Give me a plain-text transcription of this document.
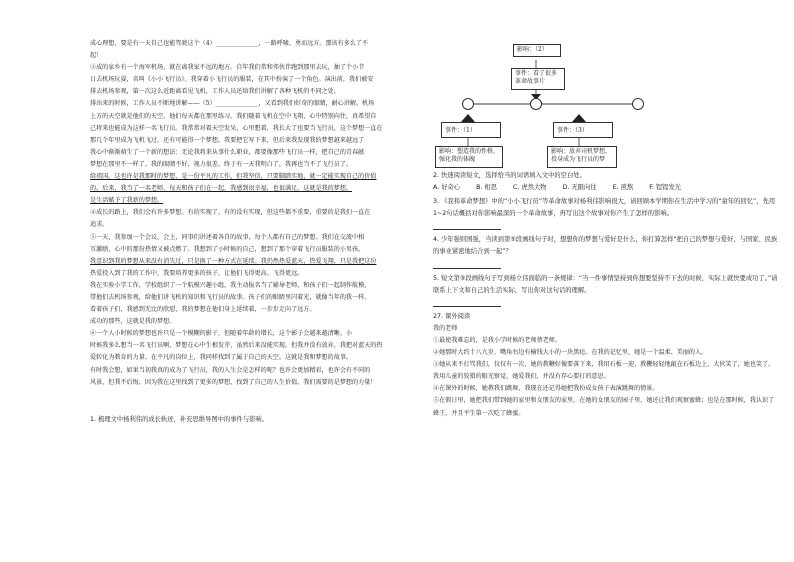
成心理想，要是有一天自己也能驾驶这个（4）______________，一路呼啸，勇而远方。那该有多么了不

起！

③成的家乡有一个海军机场，就在离我家不远的地方。自年我们常和邻伙伴跑到那里去玩，抽了个小节

日去机场玩耍，名叫《小小飞行员》。我穿着小飞行员的服装，在其中扮演了一个角色。演出前，我们被安

排去机场参观，第一次这么近距离看见飞机，工作人员还给我们讲解了各种飞机的不同之处。

排出来的时候，工作人员不断地讲解——（5）______________，又看到我们好奇的眼睛，耐心讲解。机场

上方的天空就是他们的天空，他们每天都在那里练习。我们随着飞机在空中飞翔，心中特别向往，真希望自

己将来也能成为这样一名飞行员。我常常对着天空发呆，心里想着，我长大了也要当飞行员，这个梦想一直在

那几个年里成为飞机飞过，还有可能得一个梦想，我要把它写下来，但后来我发现我的梦想越来越远了

我心中渐渐萌生了一个新的想法：无论我将来从事什么职业，都要像那些飞行员一样，把自己的青春献

梦想在那里不一样了。我的眼睛不好，视力很差，终于有一天我明白了，我再也当不了飞行员了。

给祖国。这也许是我那时的梦想，是一份平凡的工作，但我坚信，只要脚踏实地，就一定能实现自己的价值

的。后来，我当了一名老师，每天和孩子们在一起，我感到很幸福，也很满足。这就是我的梦想。

是生活赋予了我新的梦想。

④成长的路上，我们会有许多梦想。有的实现了，有的没有实现，但这些都不重要，重要的是我们一直在

追求。

⑤一天，我参加一个会议，会上，同事们讲述着各自的故事，每个人都有自己的梦想。我们在交流中相

互激励，心中的那份热情又被点燃了。我想到了小时候的自己，想到了那个穿着飞行员服装的小男孩。

我意识到我的梦想从来没有消失过，只是换了一种方式在延续。我仍然热爱蓝天，热爱飞翔，只是我把这份

热爱投入到了我的工作中，我要培养更多的孩子，让他们飞得更高、飞得更远。

我在实验小学工作，学校组织了一个航模兴趣小组，我主动报名当了辅导老师，和孩子们一起制作航模，

带他们去机场参观，给他们讲飞机的知识和飞行员的故事。孩子们的眼睛里闪着光，就像当年的我一样。

看着孩子们，我感到无比的欣慰，我的梦想在他们身上延续着，一步步走向了远方。

成功的那些，这就是我的梦想。

⑥一个人小时候的梦想也许只是一个模糊的影子，但随着年龄的增长，这个影子会越来越清晰。小

时候我多么想当一名飞行员啊，梦想在心中生根发芽，虽然后来没能实现，但我并没有放弃，我把对蓝天的热

爱转化为教育的力量。在平凡的岗位上，我同样找到了属于自己的天空。这就是我和梦想的故事。

有时我会想，如果当初我真的成为了飞行员，我的人生会是怎样的呢？也许会更加精彩，也许会有不同的

风景，但我不后悔，因为我在这里找到了更多的梦想，找到了自己的人生价值，我们需要的是梦想的力量！

1. 梳理文中杨利伟的成长轨迹，补充思维导图中的事件与影响。
影响：（2）
事件：看了很多革命故事片
事件：（1）	事件：（3）
影响：塑造我的性格，强化我的体魄
影响：放弃司机梦想，投身成为飞行员的梦
2. 快速阅读短文，选择恰当的词语填入文中的空白处。
A. 好奇心	B. 相思	C. 虎然大物	D. 无限向往	E. 煎熬	F. 锃锃发光
3. 《我和革命梦想》中的“小小飞行员”等革命故事对杨利伟影响很大，请回顾本学期你在生活中学习的“童年的回忆”，先用1~2句话概括对你影响最深的一个革命故事，再写出这个故事对你产生了怎样的影响。
4. 少年强则国强，当读到第⑤段画线句子时，想想你的梦想与爱好是什么，你打算怎样“把自己的梦想与爱好，与国家、民族的事业紧密地结合到一起”？
5. 短文第⑤段画线句子写到杨立伟面临的一条规律：“当一件事情坚持到你想要坚持不下去的时候，实际上就快要成功了。”请联系上下文和自己的生活实际，写出你对这句话的理解。
27. 课外阅读
我的老师
①最使我难忘的，是我小学时候的老师蔡老师。
②她那时大约十八九岁，嘴角右边有榆钱大小的一块黑痣。在我的记忆里，她是一个温柔、美丽的人。
③她从来不打骂我们，仅仅有一次，她的教鞭好像要落下来，我用石板一迎，教鞭轻轻地敲在石板边上，大伙笑了，她也笑了。我用儿童的狡猾的眼光察觉，她爱我们，并没有存心要打的意思。
④在课外的时候，她教我们跳舞，我现在还记得她把我扮成女孩子表演跳舞的情景。
⑤在假日里，她把我们带到她的家里和女朋友的家里。在她的女朋友的园子里，她还让我们观察蜜蜂；也是在那时候，我认识了蜂王，并且平生第一次吃了蜂蜜。
